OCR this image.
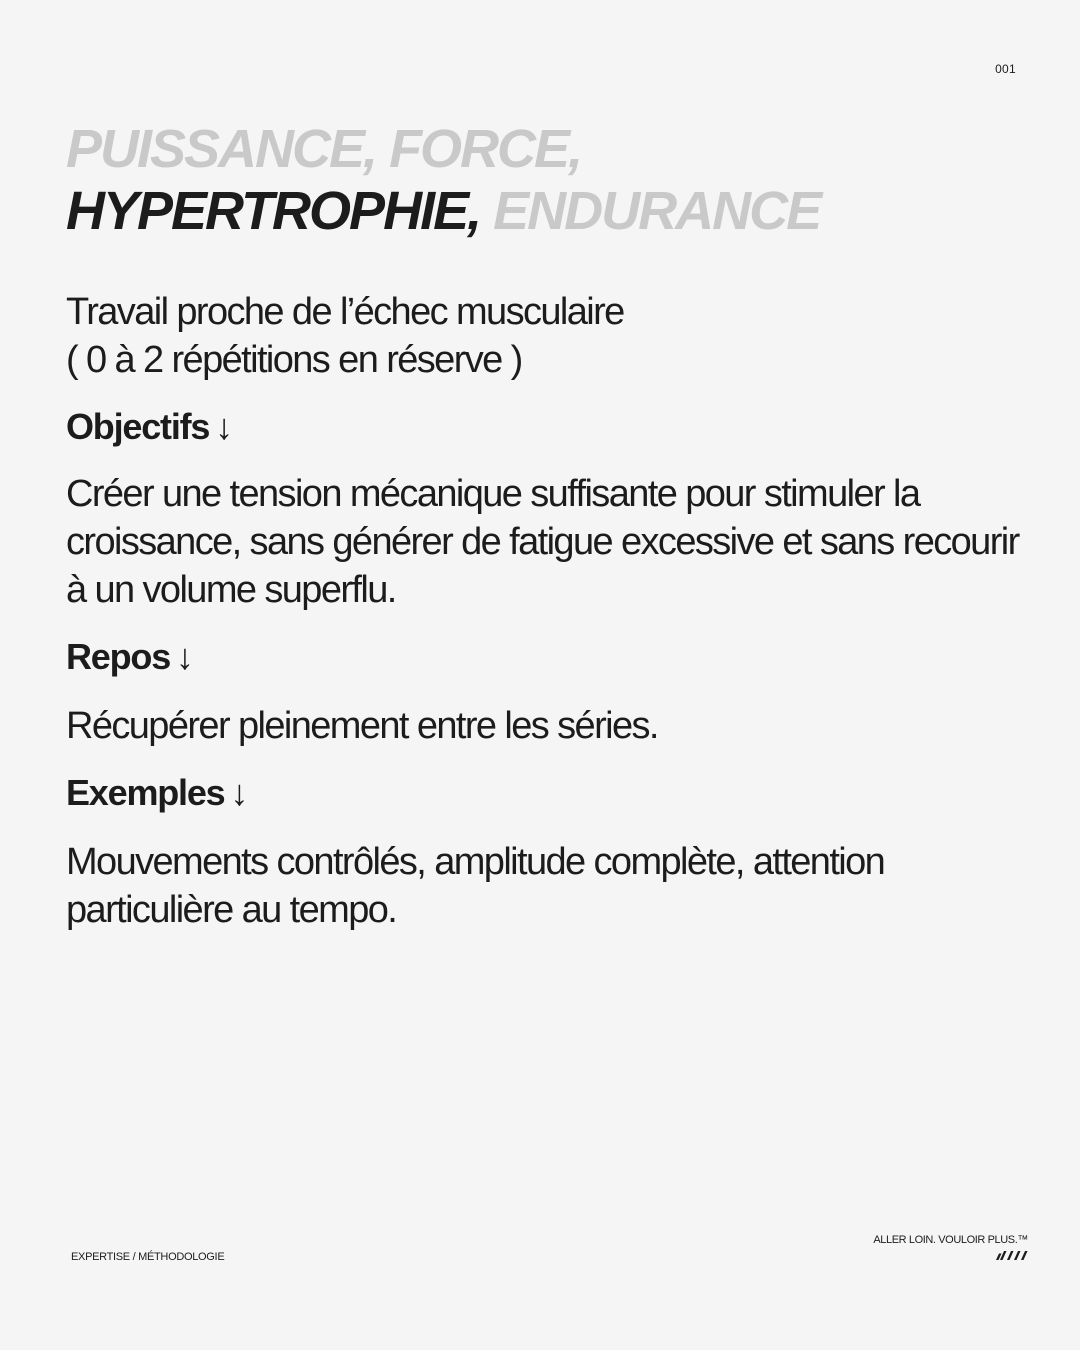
001
PUISSANCE, FORCE,
HYPERTROPHIE, ENDURANCE

Travail proche de l’échec musculaire
( 0 à 2 répétitions en réserve )

Objectifs ↓

Créer une tension mécanique suffisante pour stimuler la croissance, sans générer de fatigue excessive et sans recourir à un volume superflu.

Repos ↓

Récupérer pleinement entre les séries.

Exemples ↓

Mouvements contrôlés, amplitude complète, attention particulière au tempo.

EXPERTISE / MÉTHODOLOGIE
ALLER LOIN. VOULOIR PLUS.™
